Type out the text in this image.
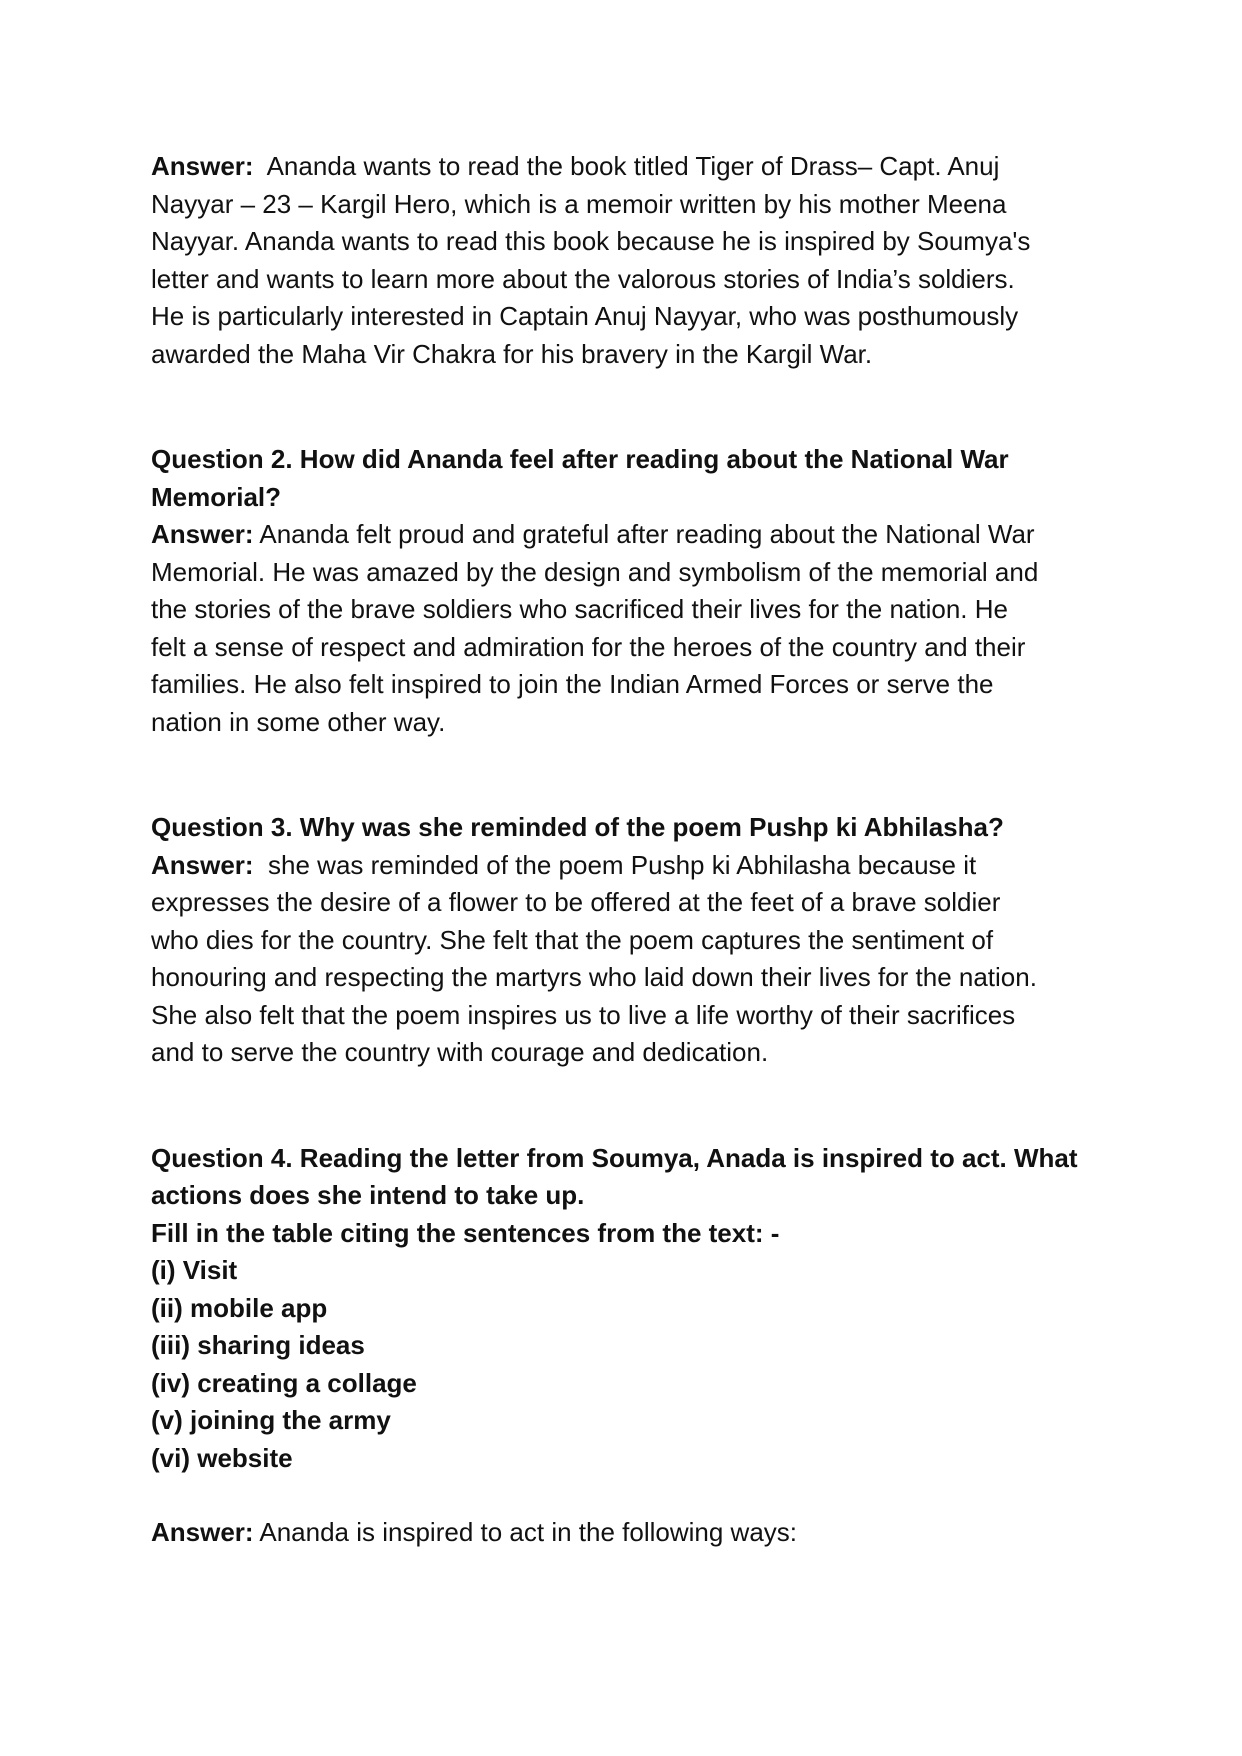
Answer:  Ananda wants to read the book titled Tiger of Drass– Capt. Anuj
Nayyar – 23 – Kargil Hero, which is a memoir written by his mother Meena
Nayyar. Ananda wants to read this book because he is inspired by Soumya's
letter and wants to learn more about the valorous stories of India’s soldiers.
He is particularly interested in Captain Anuj Nayyar, who was posthumously
awarded the Maha Vir Chakra for his bravery in the Kargil War.
Question 2. How did Ananda feel after reading about the National War
Memorial?
Answer: Ananda felt proud and grateful after reading about the National War
Memorial. He was amazed by the design and symbolism of the memorial and
the stories of the brave soldiers who sacrificed their lives for the nation. He
felt a sense of respect and admiration for the heroes of the country and their
families. He also felt inspired to join the Indian Armed Forces or serve the
nation in some other way.
Question 3. Why was she reminded of the poem Pushp ki Abhilasha?
Answer:  she was reminded of the poem Pushp ki Abhilasha because it
expresses the desire of a flower to be offered at the feet of a brave soldier
who dies for the country. She felt that the poem captures the sentiment of
honouring and respecting the martyrs who laid down their lives for the nation.
She also felt that the poem inspires us to live a life worthy of their sacrifices
and to serve the country with courage and dedication.
Question 4. Reading the letter from Soumya, Anada is inspired to act. What
actions does she intend to take up.
Fill in the table citing the sentences from the text: -
(i) Visit
(ii) mobile app
(iii) sharing ideas
(iv) creating a collage
(v) joining the army
(vi) website
Answer: Ananda is inspired to act in the following ways:
